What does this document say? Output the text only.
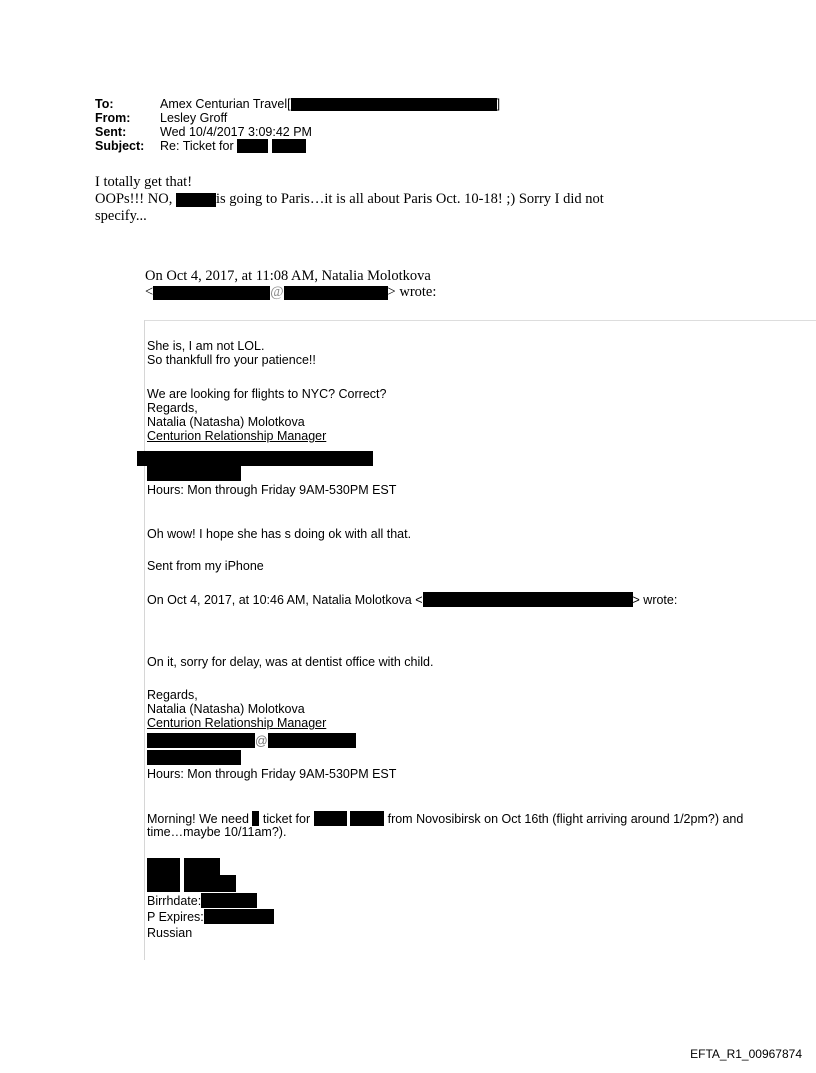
To:	Amex Centurian Travel[	]
From: Lesley Groff
Sent:	Wed 10/4/2017 3:09:42 PM
Subject: Re: Ticket for
I totally get that!
OOPs!!! NO,	is going to Paris…it is all about Paris Oct. 10-18! ;) Sorry I did not
specify...
On Oct 4, 2017, at 11:08 AM, Natalia Molotkova
<	@	> wrote:
She is, I am not LOL.
So thankfull fro your patience!!
We are looking for flights to NYC? Correct?
Regards,
Natalia (Natasha) Molotkova
Centurion Relationship Manager
Hours: Mon through Friday 9AM-530PM EST
Oh wow! I hope she has s doing ok with all that.
Sent from my iPhone
On Oct 4, 2017, at 10:46 AM, Natalia Molotkova <	> wrote:
On it, sorry for delay, was at dentist office with child.
Regards,
Natalia (Natasha) Molotkova
Centurion Relationship Manager
@
Hours: Mon through Friday 9AM-530PM EST
Morning! We need ticket for	from Novosibirsk on Oct 16th (flight arriving around 1/2pm?) and
time…maybe 10/11am?).
Birrhdate:
P Expires:
Russian
EFTA_R1_00967874
